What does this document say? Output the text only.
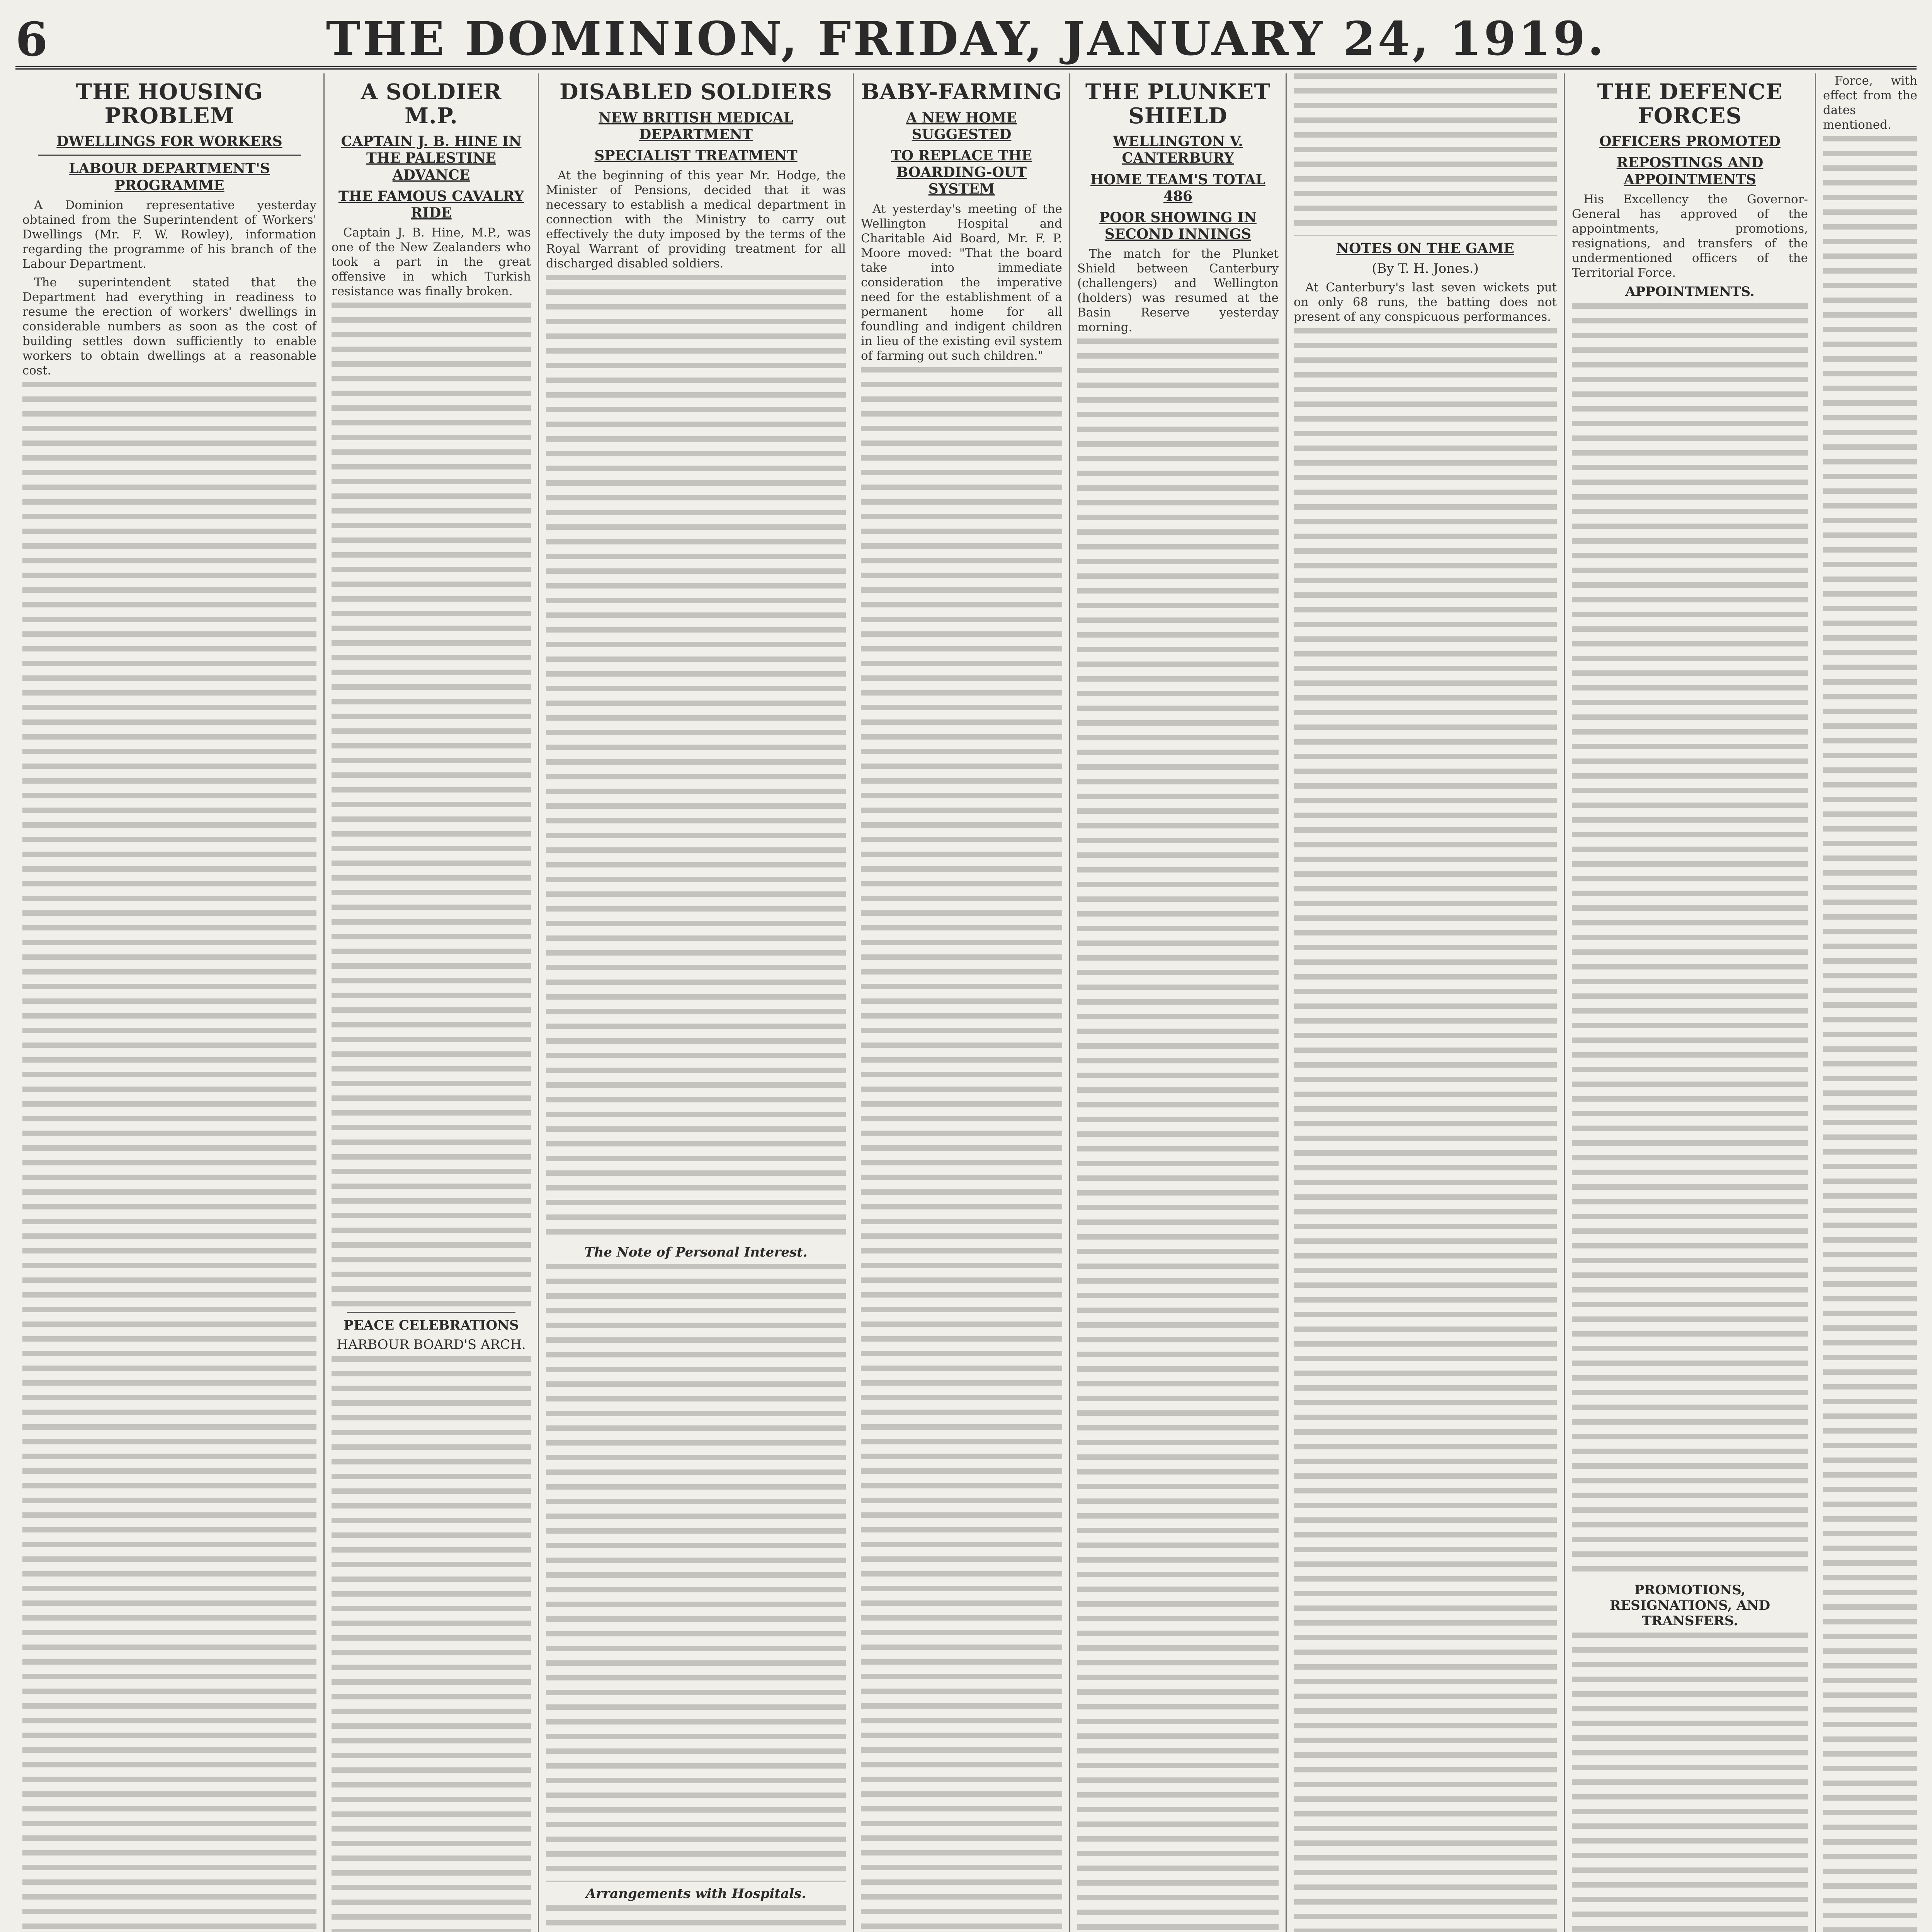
6	THE DOMINION, FRIDAY, JANUARY 24, 1919.
THE HOUSING PROBLEM
DWELLINGS FOR WORKERS
LABOUR DEPARTMENT'S PROGRAMME

A Dominion representative yesterday obtained from the Superintendent of Workers' Dwellings (Mr. F. W. Rowley), information regarding the programme of his branch of the Labour Department.

The superintendent stated that the Department had everything in readiness to resume the erection of workers' dwellings in considerable numbers as soon as the cost of building settles down sufficiently to enable workers to obtain dwellings at a reasonable cost.

A SOLDIER M.P.
CAPTAIN J. B. HINE IN THE PALESTINE ADVANCE
THE FAMOUS CAVALRY RIDE

Captain J. B. Hine, M.P., was one of the New Zealanders who took a part in the great offensive in which Turkish resistance was finally broken.

PEACE CELEBRATIONS
HARBOUR BOARD'S ARCH.
DISABLED SOLDIERS
NEW BRITISH MEDICAL DEPARTMENT
SPECIALIST TREATMENT

At the beginning of this year Mr. Hodge, the Minister of Pensions, decided that it was necessary to establish a medical department in connection with the Ministry to carry out effectively the duty imposed by the terms of the Royal Warrant of providing treatment for all discharged disabled soldiers.

The Note of Personal Interest.
Arrangements with Hospitals.
BABY-FARMING
A NEW HOME SUGGESTED
TO REPLACE THE BOARDING-OUT SYSTEM

At yesterday's meeting of the Wellington Hospital and Charitable Aid Board, Mr. F. P. Moore moved: "That the board take into immediate consideration the imperative need for the establishment of a permanent home for all foundling and indigent children in lieu of the existing evil system of farming out such children."

THE PLUNKET SHIELD
WELLINGTON V. CANTERBURY
HOME TEAM'S TOTAL 486
POOR SHOWING IN SECOND INNINGS

The match for the Plunket Shield between Canterbury (challengers) and Wellington (holders) was resumed at the Basin Reserve yesterday morning.

NOTES ON THE GAME
(By T. H. Jones.)

At Canterbury's last seven wickets put on only 68 runs, the batting does not present of any conspicuous performances.

THE DEFENCE FORCES
OFFICERS PROMOTED
REPOSTINGS AND APPOINTMENTS

His Excellency the Governor-General has approved of the appointments, promotions, resignations, and transfers of the undermentioned officers of the Territorial Force.

APPOINTMENTS.
PROMOTIONS, RESIGNATIONS, AND TRANSFERS.

Force, with effect from the dates mentioned.
